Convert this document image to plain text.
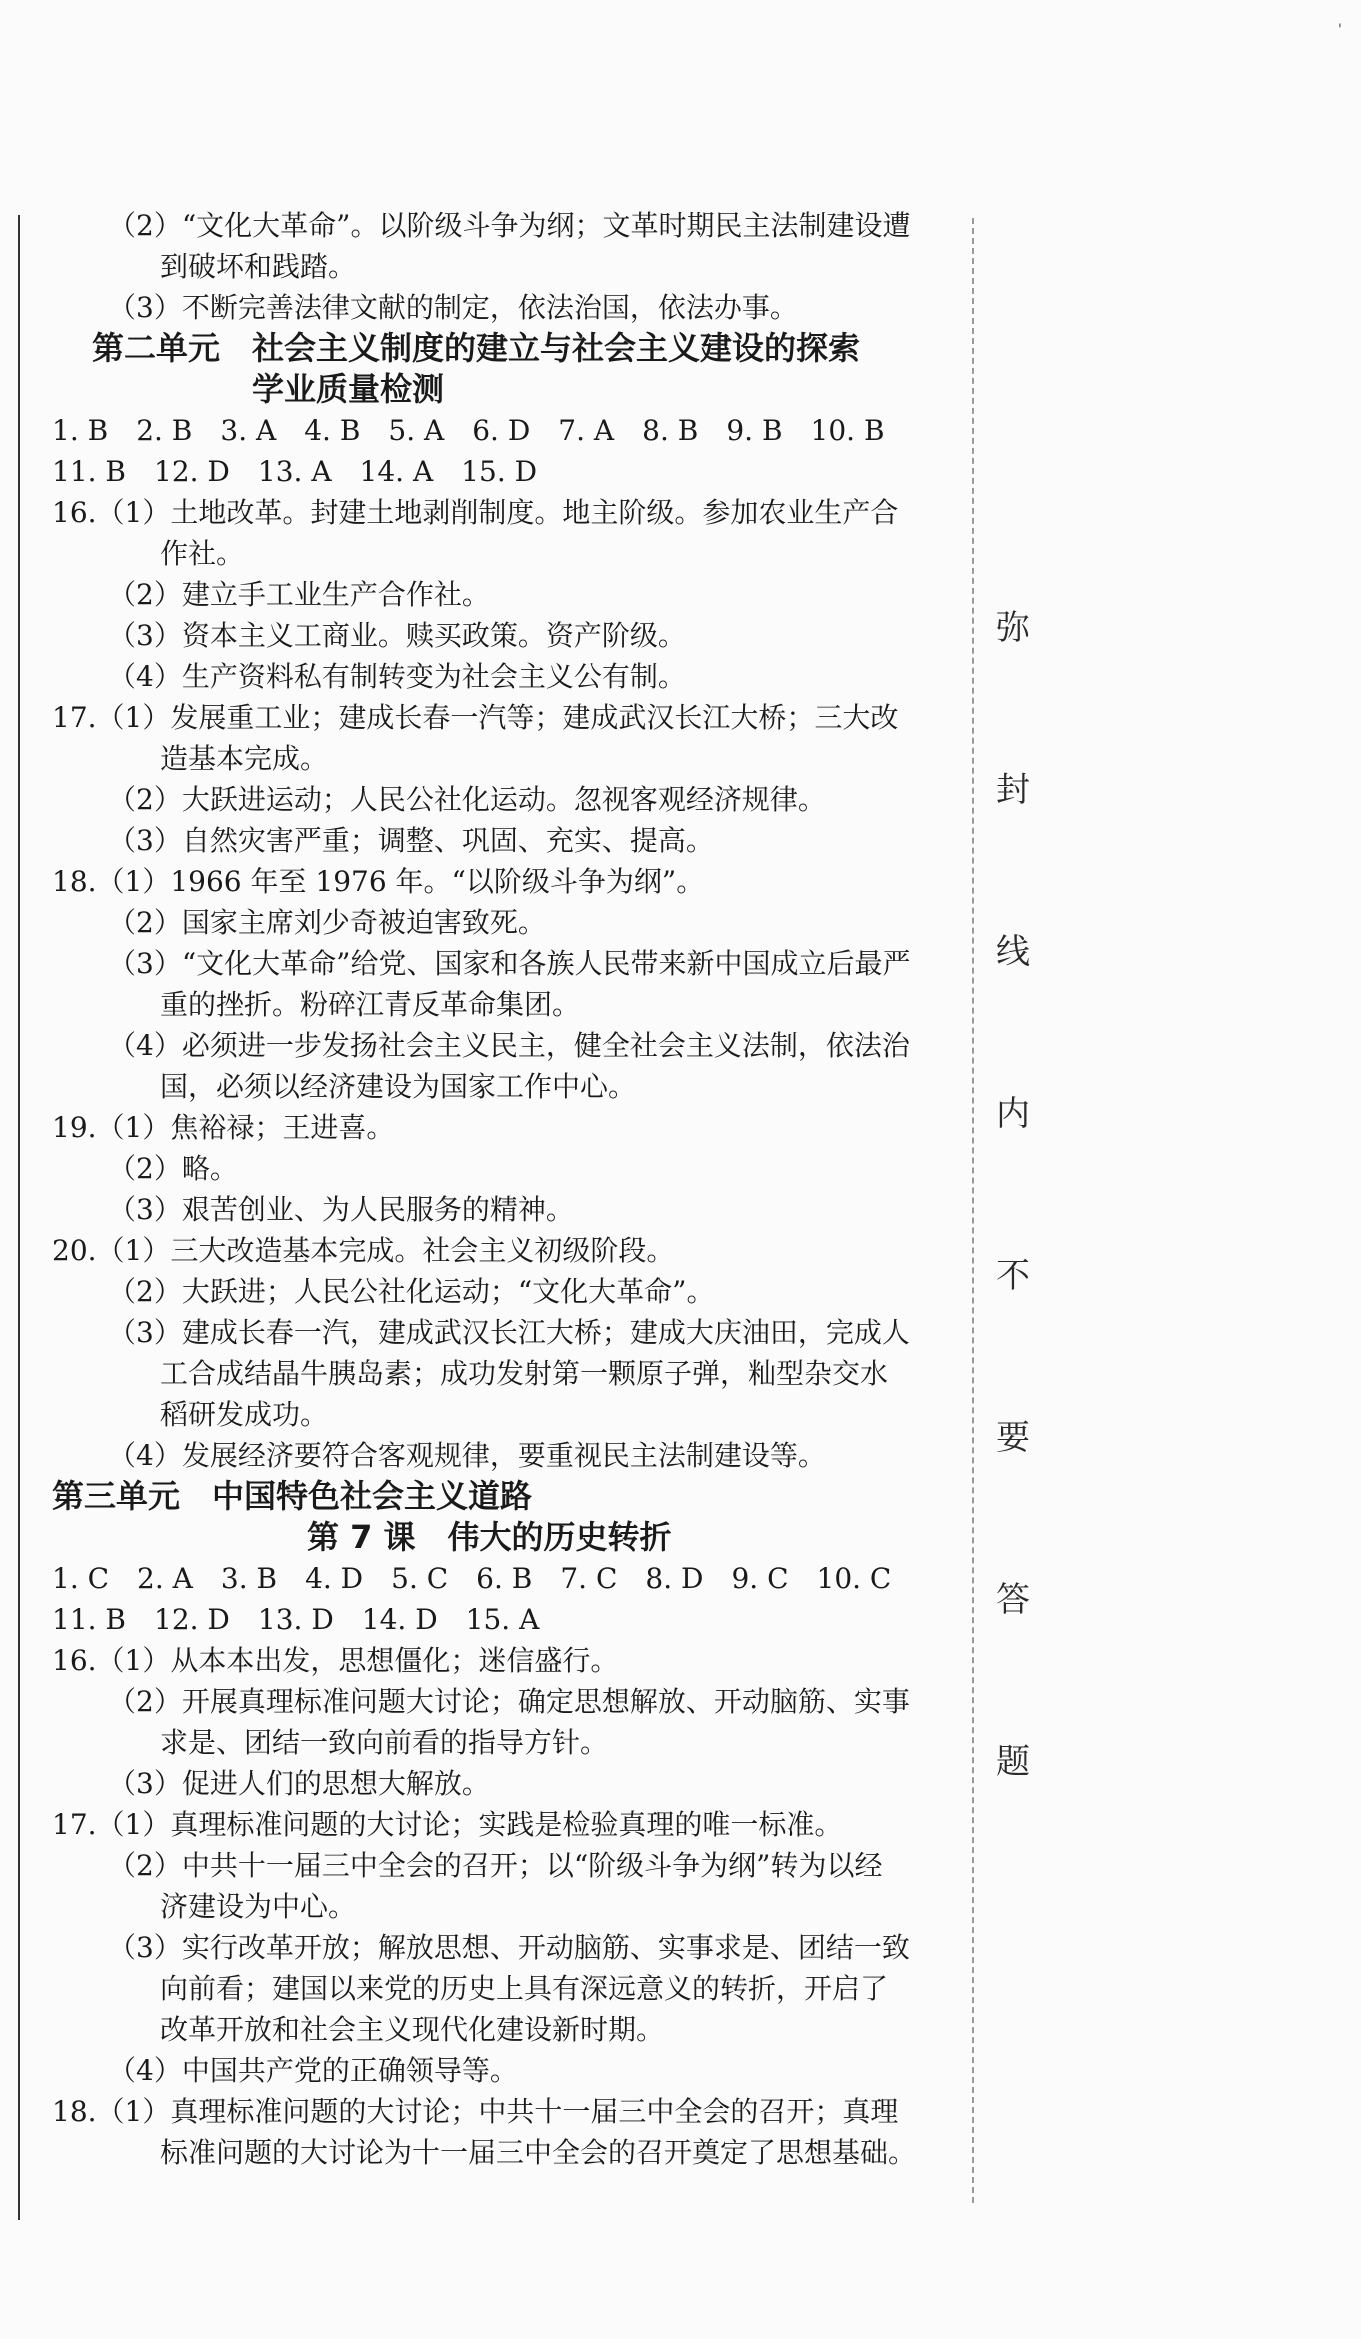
'
弥
封
线
内
不
要
答
题
（2）“文化大革命”。以阶级斗争为纲；文革时期民主法制建设遭
到破坏和践踏。
（3）不断完善法律文献的制定，依法治国，依法办事。
第二单元　社会主义制度的建立与社会主义建设的探索
学业质量检测
1. B　2. B　3. A　4. B　5. A　6. D　7. A　8. B　9. B　10. B
11. B　12. D　13. A　14. A　15. D
16.（1）土地改革。封建土地剥削制度。地主阶级。参加农业生产合
作社。
（2）建立手工业生产合作社。
（3）资本主义工商业。赎买政策。资产阶级。
（4）生产资料私有制转变为社会主义公有制。
17.（1）发展重工业；建成长春一汽等；建成武汉长江大桥；三大改
造基本完成。
（2）大跃进运动；人民公社化运动。忽视客观经济规律。
（3）自然灾害严重；调整、巩固、充实、提高。
18.（1）1966 年至 1976 年。“以阶级斗争为纲”。
（2）国家主席刘少奇被迫害致死。
（3）“文化大革命”给党、国家和各族人民带来新中国成立后最严
重的挫折。粉碎江青反革命集团。
（4）必须进一步发扬社会主义民主，健全社会主义法制，依法治
国，必须以经济建设为国家工作中心。
19.（1）焦裕禄；王进喜。
（2）略。
（3）艰苦创业、为人民服务的精神。
20.（1）三大改造基本完成。社会主义初级阶段。
（2）大跃进；人民公社化运动；“文化大革命”。
（3）建成长春一汽，建成武汉长江大桥；建成大庆油田，完成人
工合成结晶牛胰岛素；成功发射第一颗原子弹，籼型杂交水
稻研发成功。
（4）发展经济要符合客观规律，要重视民主法制建设等。
第三单元　中国特色社会主义道路
第 7 课　伟大的历史转折
1. C　2. A　3. B　4. D　5. C　6. B　7. C　8. D　9. C　10. C
11. B　12. D　13. D　14. D　15. A
16.（1）从本本出发，思想僵化；迷信盛行。
（2）开展真理标准问题大讨论；确定思想解放、开动脑筋、实事
求是、团结一致向前看的指导方针。
（3）促进人们的思想大解放。
17.（1）真理标准问题的大讨论；实践是检验真理的唯一标准。
（2）中共十一届三中全会的召开；以“阶级斗争为纲”转为以经
济建设为中心。
（3）实行改革开放；解放思想、开动脑筋、实事求是、团结一致
向前看；建国以来党的历史上具有深远意义的转折，开启了
改革开放和社会主义现代化建设新时期。
（4）中国共产党的正确领导等。
18.（1）真理标准问题的大讨论；中共十一届三中全会的召开；真理
标准问题的大讨论为十一届三中全会的召开奠定了思想基础。
